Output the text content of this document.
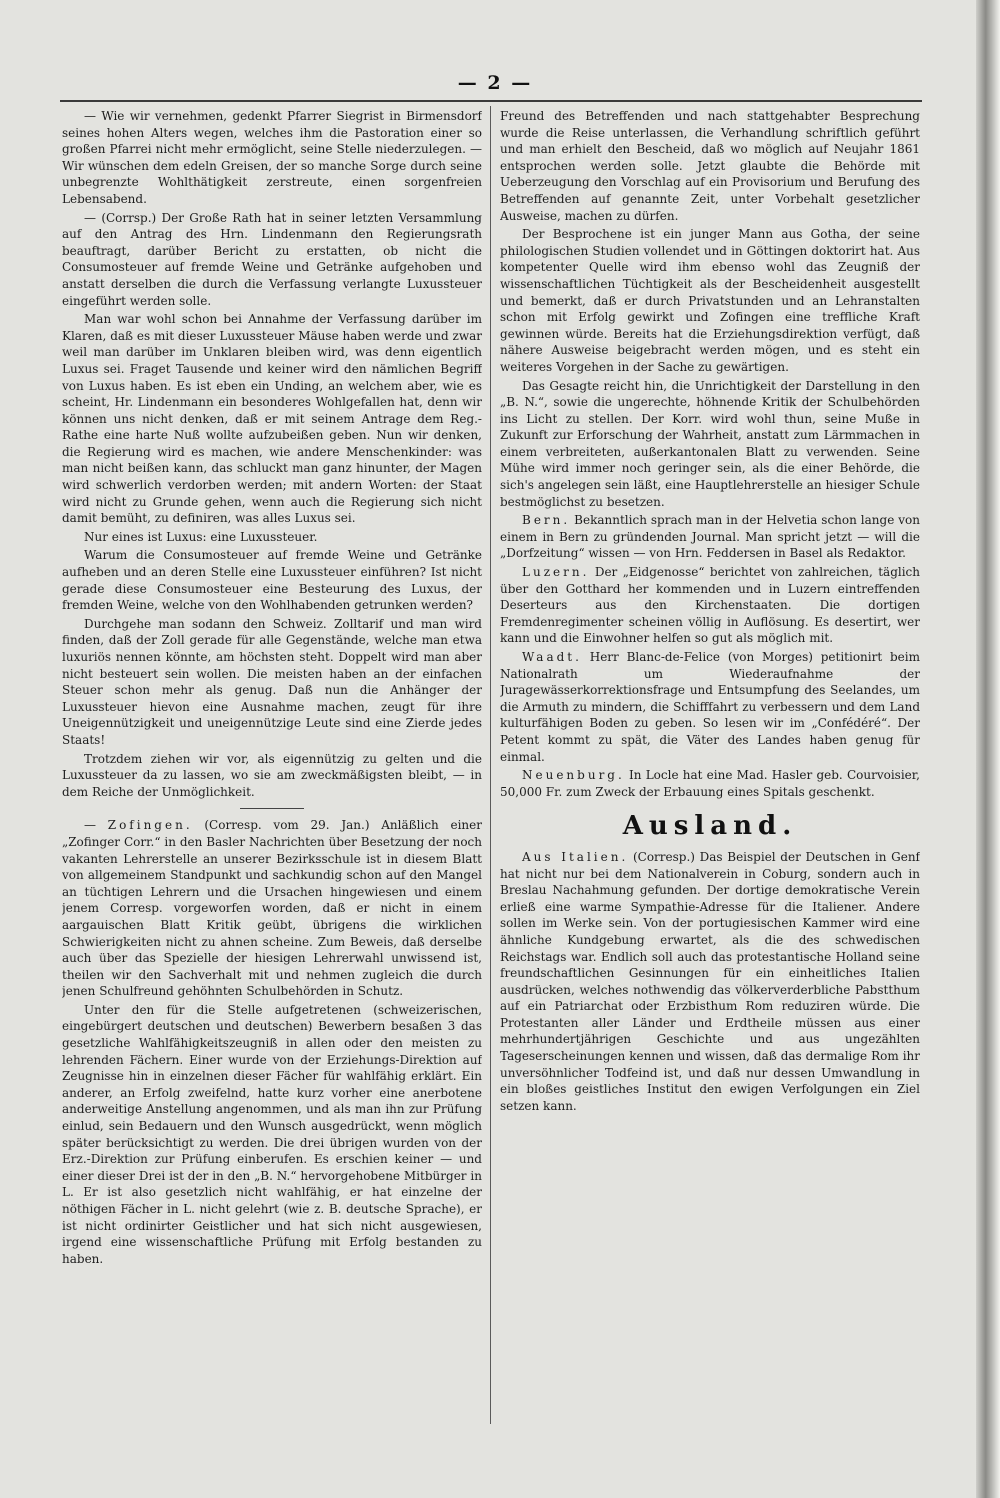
— 2 —

— Wie wir vernehmen, gedenkt Pfarrer Siegrist in Birmensdorf seines hohen Alters wegen, welches ihm die Pastoration einer so großen Pfarrei nicht mehr ermöglicht, seine Stelle niederzulegen. — Wir wünschen dem edeln Greisen, der so manche Sorge durch seine unbegrenzte Wohlthätigkeit zerstreute, einen sorgenfreien Lebensabend.

— (Corrsp.) Der Große Rath hat in seiner letzten Versammlung auf den Antrag des Hrn. Lindenmann den Regierungsrath beauftragt, darüber Bericht zu erstatten, ob nicht die Consumosteuer auf fremde Weine und Getränke aufgehoben und anstatt derselben die durch die Verfassung verlangte Luxussteuer eingeführt werden solle.

Man war wohl schon bei Annahme der Verfassung darüber im Klaren, daß es mit dieser Luxussteuer Mäuse haben werde und zwar weil man darüber im Unklaren bleiben wird, was denn eigentlich Luxus sei. Fraget Tausende und keiner wird den nämlichen Begriff von Luxus haben. Es ist eben ein Unding, an welchem aber, wie es scheint, Hr. Lindenmann ein besonderes Wohlgefallen hat, denn wir können uns nicht denken, daß er mit seinem Antrage dem Reg.-Rathe eine harte Nuß wollte aufzubeißen geben. Nun wir denken, die Regierung wird es machen, wie andere Menschenkinder: was man nicht beißen kann, das schluckt man ganz hinunter, der Magen wird schwerlich verdorben werden; mit andern Worten: der Staat wird nicht zu Grunde gehen, wenn auch die Regierung sich nicht damit bemüht, zu definiren, was alles Luxus sei.

Nur eines ist Luxus: eine Luxussteuer.

Warum die Consumosteuer auf fremde Weine und Getränke aufheben und an deren Stelle eine Luxussteuer einführen? Ist nicht gerade diese Consumosteuer eine Besteurung des Luxus, der fremden Weine, welche von den Wohlhabenden getrunken werden?

Durchgehe man sodann den Schweiz. Zolltarif und man wird finden, daß der Zoll gerade für alle Gegenstände, welche man etwa luxuriös nennen könnte, am höchsten steht. Doppelt wird man aber nicht besteuert sein wollen. Die meisten haben an der einfachen Steuer schon mehr als genug. Daß nun die Anhänger der Luxussteuer hievon eine Ausnahme machen, zeugt für ihre Uneigennützigkeit und uneigennützige Leute sind eine Zierde jedes Staats!

Trotzdem ziehen wir vor, als eigennützig zu gelten und die Luxussteuer da zu lassen, wo sie am zweckmäßigsten bleibt, — in dem Reiche der Unmöglichkeit.

— Zofingen. (Corresp. vom 29. Jan.) Anläßlich einer „Zofinger Corr.“ in den Basler Nachrichten über Besetzung der noch vakanten Lehrerstelle an unserer Bezirksschule ist in diesem Blatt von allgemeinem Standpunkt und sachkundig schon auf den Mangel an tüchtigen Lehrern und die Ursachen hingewiesen und einem jenem Corresp. vorgeworfen worden, daß er nicht in einem aargauischen Blatt Kritik geübt, übrigens die wirklichen Schwierigkeiten nicht zu ahnen scheine. Zum Beweis, daß derselbe auch über das Spezielle der hiesigen Lehrerwahl unwissend ist, theilen wir den Sachverhalt mit und nehmen zugleich die durch jenen Schulfreund gehöhnten Schulbehörden in Schutz.

Unter den für die Stelle aufgetretenen (schweizerischen, eingebürgert deutschen und deutschen) Bewerbern besaßen 3 das gesetzliche Wahlfähigkeitszeugniß in allen oder den meisten zu lehrenden Fächern. Einer wurde von der Erziehungs-Direktion auf Zeugnisse hin in einzelnen dieser Fächer für wahlfähig erklärt. Ein anderer, an Erfolg zweifelnd, hatte kurz vorher eine anerbotene anderweitige Anstellung angenommen, und als man ihn zur Prüfung einlud, sein Bedauern und den Wunsch ausgedrückt, wenn möglich später berücksichtigt zu werden. Die drei übrigen wurden von der Erz.-Direktion zur Prüfung einberufen. Es erschien keiner — und einer dieser Drei ist der in den „B. N.“ hervorgehobene Mitbürger in L. Er ist also gesetzlich nicht wahlfähig, er hat einzelne der nöthigen Fächer in L. nicht gelehrt (wie z. B. deutsche Sprache), er ist nicht ordinirter Geistlicher und hat sich nicht ausgewiesen, irgend eine wissenschaftliche Prüfung mit Erfolg bestanden zu haben.

Freund des Betreffenden und nach stattgehabter Besprechung wurde die Reise unterlassen, die Verhandlung schriftlich geführt und man erhielt den Bescheid, daß wo möglich auf Neujahr 1861 entsprochen werden solle. Jetzt glaubte die Behörde mit Ueberzeugung den Vorschlag auf ein Provisorium und Berufung des Betreffenden auf genannte Zeit, unter Vorbehalt gesetzlicher Ausweise, machen zu dürfen.

Der Besprochene ist ein junger Mann aus Gotha, der seine philologischen Studien vollendet und in Göttingen doktorirt hat. Aus kompetenter Quelle wird ihm ebenso wohl das Zeugniß der wissenschaftlichen Tüchtigkeit als der Bescheidenheit ausgestellt und bemerkt, daß er durch Privatstunden und an Lehranstalten schon mit Erfolg gewirkt und Zofingen eine treffliche Kraft gewinnen würde. Bereits hat die Erziehungsdirektion verfügt, daß nähere Ausweise beigebracht werden mögen, und es steht ein weiteres Vorgehen in der Sache zu gewärtigen.

Das Gesagte reicht hin, die Unrichtigkeit der Darstellung in den „B. N.“, sowie die ungerechte, höhnende Kritik der Schulbehörden ins Licht zu stellen. Der Korr. wird wohl thun, seine Muße in Zukunft zur Erforschung der Wahrheit, anstatt zum Lärmmachen in einem verbreiteten, außerkantonalen Blatt zu verwenden. Seine Mühe wird immer noch geringer sein, als die einer Behörde, die sich's angelegen sein läßt, eine Hauptlehrerstelle an hiesiger Schule bestmöglichst zu besetzen.

Bern. Bekanntlich sprach man in der Helvetia schon lange von einem in Bern zu gründenden Journal. Man spricht jetzt — will die „Dorfzeitung“ wissen — von Hrn. Feddersen in Basel als Redaktor.

Luzern. Der „Eidgenosse“ berichtet von zahlreichen, täglich über den Gotthard her kommenden und in Luzern eintreffenden Deserteurs aus den Kirchenstaaten. Die dortigen Fremdenregimenter scheinen völlig in Auflösung. Es desertirt, wer kann und die Einwohner helfen so gut als möglich mit.

Waadt. Herr Blanc-de-Felice (von Morges) petitionirt beim Nationalrath um Wiederaufnahme der Juragewässerkorrektionsfrage und Entsumpfung des Seelandes, um die Armuth zu mindern, die Schifffahrt zu verbessern und dem Land kulturfähigen Boden zu geben. So lesen wir im „Confédéré“. Der Petent kommt zu spät, die Väter des Landes haben genug für einmal.

Neuenburg. In Locle hat eine Mad. Hasler geb. Courvoisier, 50,000 Fr. zum Zweck der Erbauung eines Spitals geschenkt.

Ausland.

Aus Italien. (Corresp.) Das Beispiel der Deutschen in Genf hat nicht nur bei dem Nationalverein in Coburg, sondern auch in Breslau Nachahmung gefunden. Der dortige demokratische Verein erließ eine warme Sympathie-Adresse für die Italiener. Andere sollen im Werke sein. Von der portugiesischen Kammer wird eine ähnliche Kundgebung erwartet, als die des schwedischen Reichstags war. Endlich soll auch das protestantische Holland seine freundschaftlichen Gesinnungen für ein einheitliches Italien ausdrücken, welches nothwendig das völkerverderbliche Pabstthum auf ein Patriarchat oder Erzbisthum Rom reduziren würde. Die Protestanten aller Länder und Erdtheile müssen aus einer mehrhundertjährigen Geschichte und aus ungezählten Tageserscheinungen kennen und wissen, daß das dermalige Rom ihr unversöhnlicher Todfeind ist, und daß nur dessen Umwandlung in ein bloßes geistliches Institut den ewigen Verfolgungen ein Ziel setzen kann.
